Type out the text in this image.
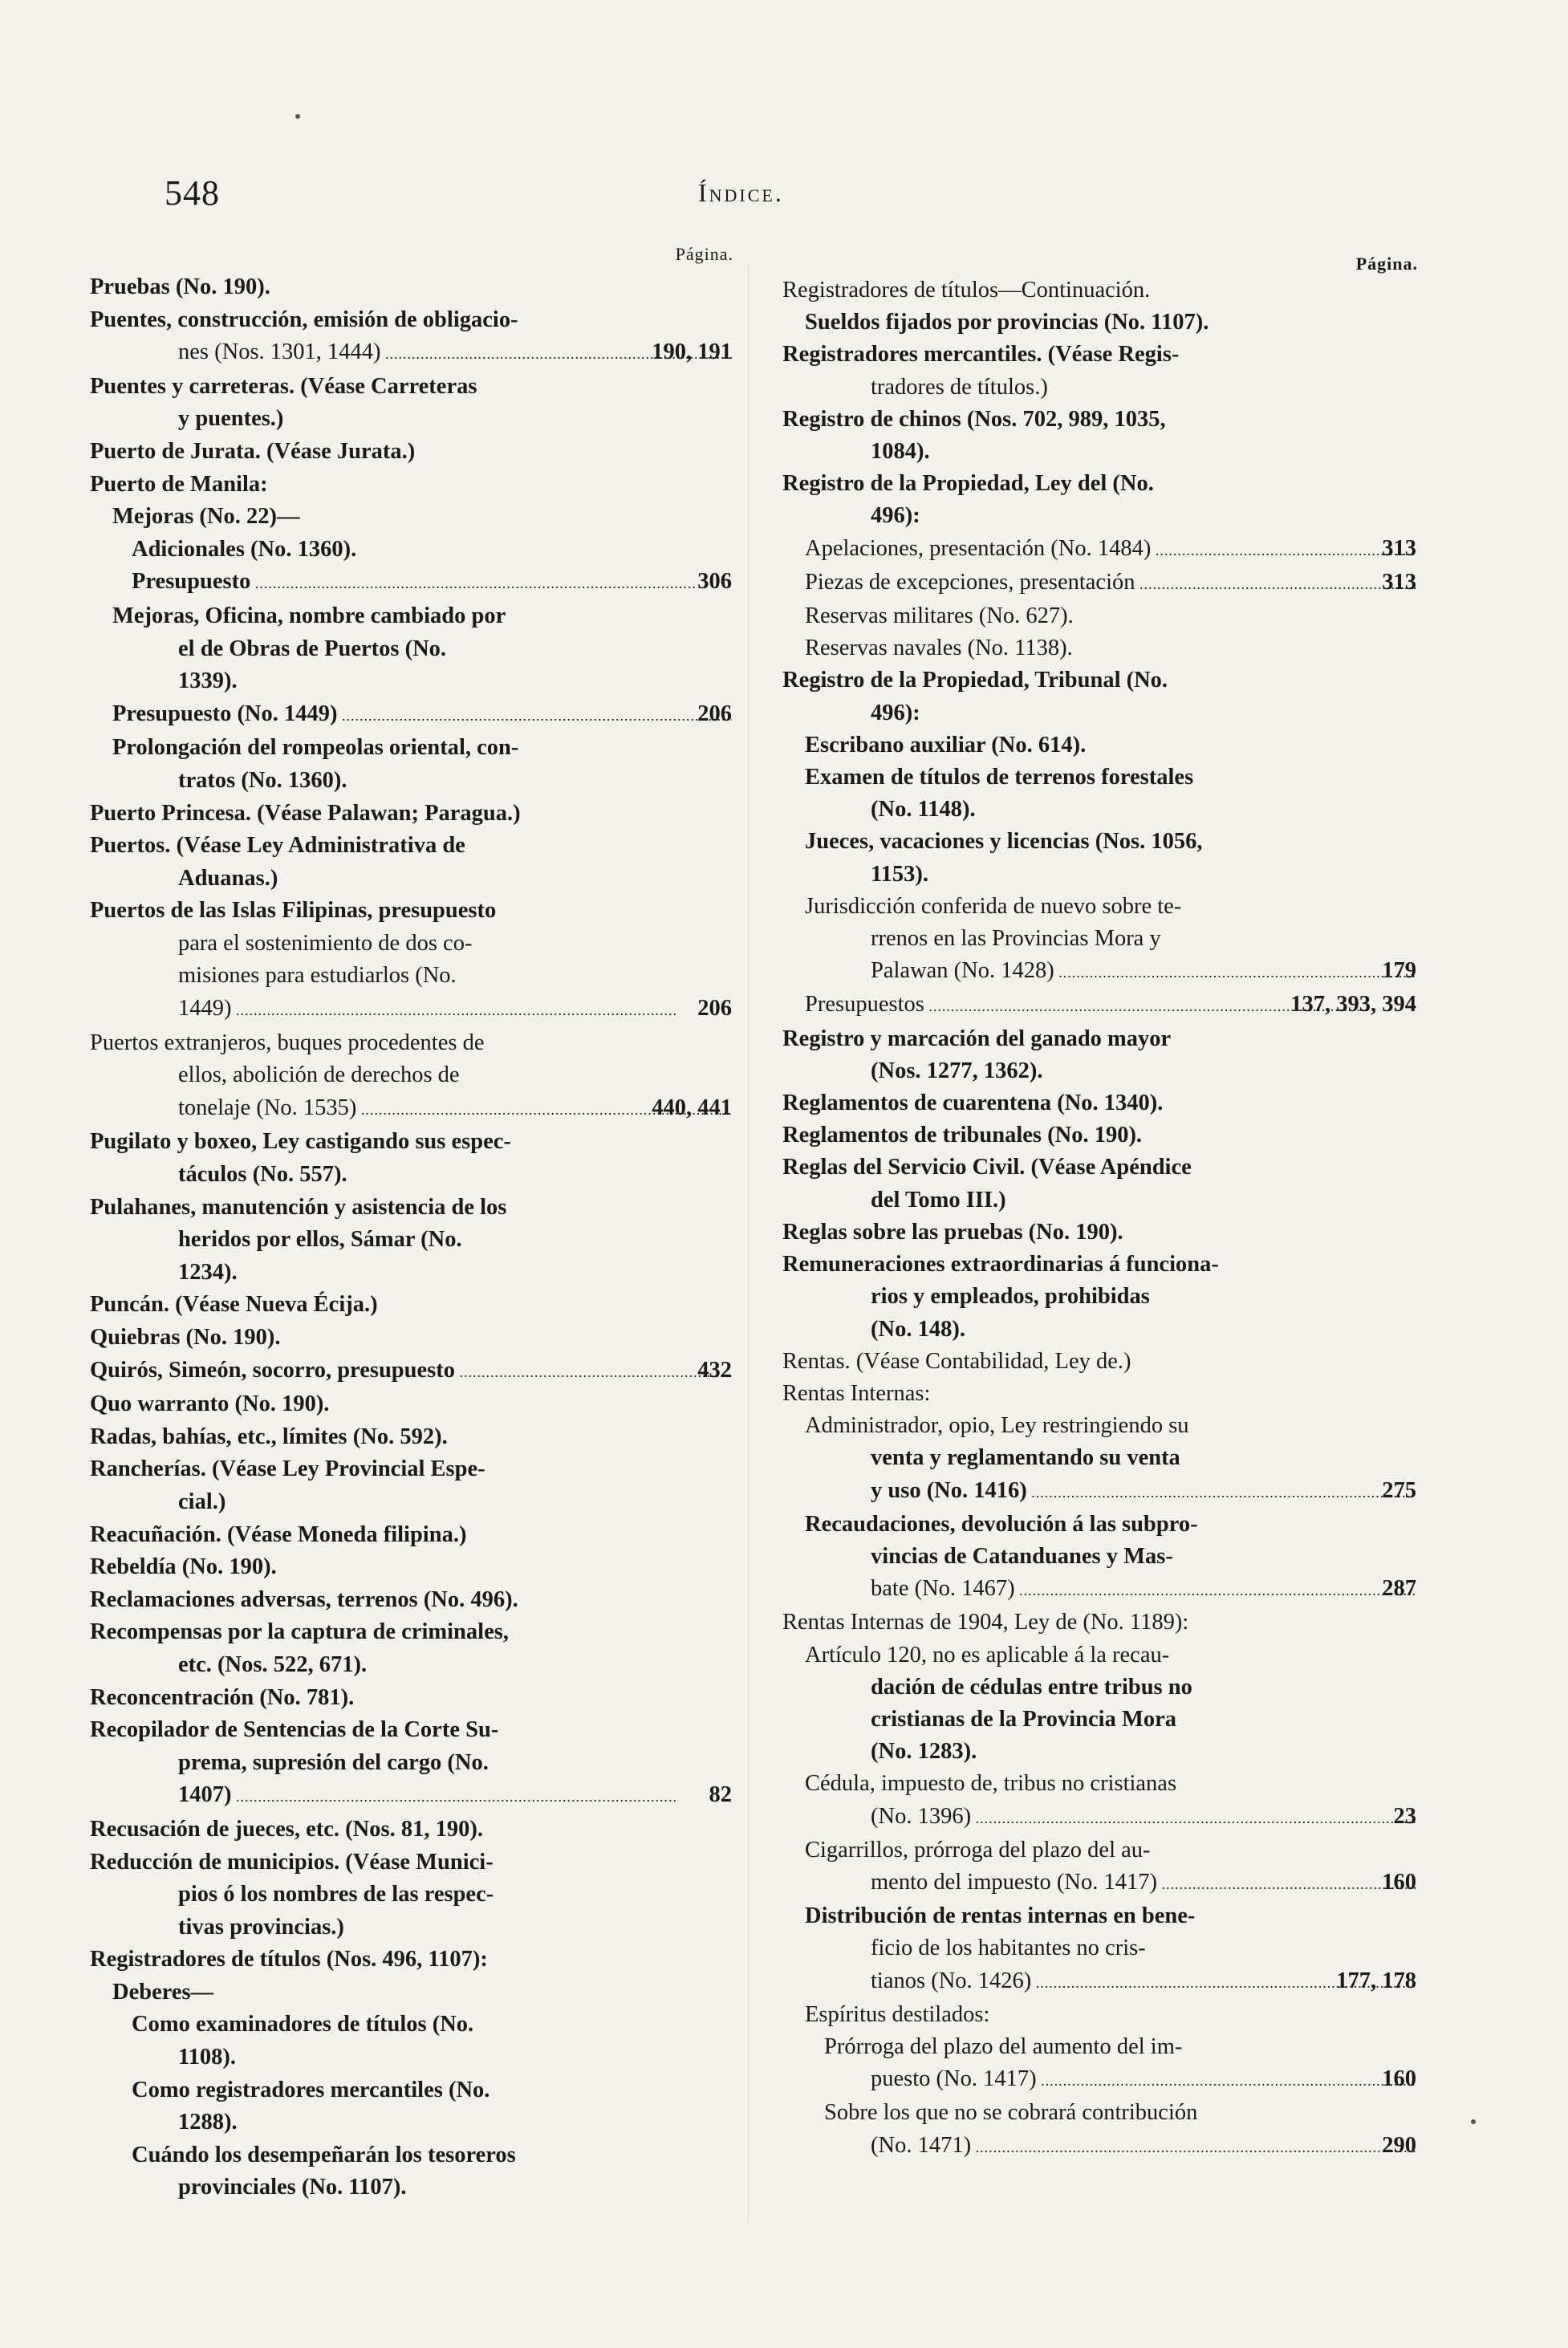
548	Índice.
Página.
Pruebas (No. 190).
Puentes, construcción, emisión de obligacio-
nes (Nos. 1301, 1444) .....	190, 191
Puentes y carreteras. (Véase Carreteras
y puentes.)
Puerto de Jurata. (Véase Jurata.)
Puerto de Manila:
Mejoras (No. 22)—
Adicionales (No. 1360).
Presupuesto .....	306
Mejoras, Oficina, nombre cambiado por
el de Obras de Puertos (No.
1339).
Presupuesto (No. 1449) .....	206
Prolongación del rompeolas oriental, con-
tratos (No. 1360).
Puerto Princesa. (Véase Palawan; Paragua.)
Puertos. (Véase Ley Administrativa de
Aduanas.)
Puertos de las Islas Filipinas, presupuesto
para el sostenimiento de dos co-
misiones para estudiarlos (No.
1449) .....	206
Puertos extranjeros, buques procedentes de
ellos, abolición de derechos de
tonelaje (No. 1535) .....	440, 441
Pugilato y boxeo, Ley castigando sus espec-
táculos (No. 557).
Pulahanes, manutención y asistencia de los
heridos por ellos, Sámar (No.
1234).
Puncán. (Véase Nueva Écija.)
Quiebras (No. 190).
Quirós, Simeón, socorro, presupuesto .....	432
Quo warranto (No. 190).
Radas, bahías, etc., límites (No. 592).
Rancherías. (Véase Ley Provincial Espe-
cial.)
Reacuñación. (Véase Moneda filipina.)
Rebeldía (No. 190).
Reclamaciones adversas, terrenos (No. 496).
Recompensas por la captura de criminales,
etc. (Nos. 522, 671).
Reconcentración (No. 781).
Recopilador de Sentencias de la Corte Su-
prema, supresión del cargo (No.
1407) .....	82
Recusación de jueces, etc. (Nos. 81, 190).
Reducción de municipios. (Véase Munici-
pios ó los nombres de las respec-
tivas provincias.)
Registradores de títulos (Nos. 496, 1107):
Deberes—
Como examinadores de títulos (No.
1108).
Como registradores mercantiles (No.
1288).
Cuándo los desempeñarán los tesoreros
provinciales (No. 1107).
Página.
Registradores de títulos—Continuación.
Sueldos fijados por provincias (No. 1107).
Registradores mercantiles. (Véase Regis-
tradores de títulos.)
Registro de chinos (Nos. 702, 989, 1035,
1084).
Registro de la Propiedad, Ley del (No.
496):
Apelaciones, presentación (No. 1484) .....	313
Piezas de excepciones, presentación .....	313
Reservas militares (No. 627).
Reservas navales (No. 1138).
Registro de la Propiedad, Tribunal (No.
496):
Escribano auxiliar (No. 614).
Examen de títulos de terrenos forestales
(No. 1148).
Jueces, vacaciones y licencias (Nos. 1056,
1153).
Jurisdicción conferida de nuevo sobre te-
rrenos en las Provincias Mora y
Palawan (No. 1428) .....	179
Presupuestos .....	137, 393, 394
Registro y marcación del ganado mayor
(Nos. 1277, 1362).
Reglamentos de cuarentena (No. 1340).
Reglamentos de tribunales (No. 190).
Reglas del Servicio Civil. (Véase Apéndice
del Tomo III.)
Reglas sobre las pruebas (No. 190).
Remuneraciones extraordinarias á funciona-
rios y empleados, prohibidas
(No. 148).
Rentas. (Véase Contabilidad, Ley de.)
Rentas Internas:
Administrador, opio, Ley restringiendo su
venta y reglamentando su venta
y uso (No. 1416) .....	275
Recaudaciones, devolución á las subpro-
vincias de Catanduanes y Mas-
bate (No. 1467) .....	287
Rentas Internas de 1904, Ley de (No. 1189):
Artículo 120, no es aplicable á la recau-
dación de cédulas entre tribus no
cristianas de la Provincia Mora
(No. 1283).
Cédula, impuesto de, tribus no cristianas
(No. 1396) .....	23
Cigarrillos, prórroga del plazo del au-
mento del impuesto (No. 1417) .....	160
Distribución de rentas internas en bene-
ficio de los habitantes no cris-
tianos (No. 1426) .....	177, 178
Espíritus destilados:
Prórroga del plazo del aumento del im-
puesto (No. 1417) .....	160
Sobre los que no se cobrará contribución
(No. 1471) .....	290
